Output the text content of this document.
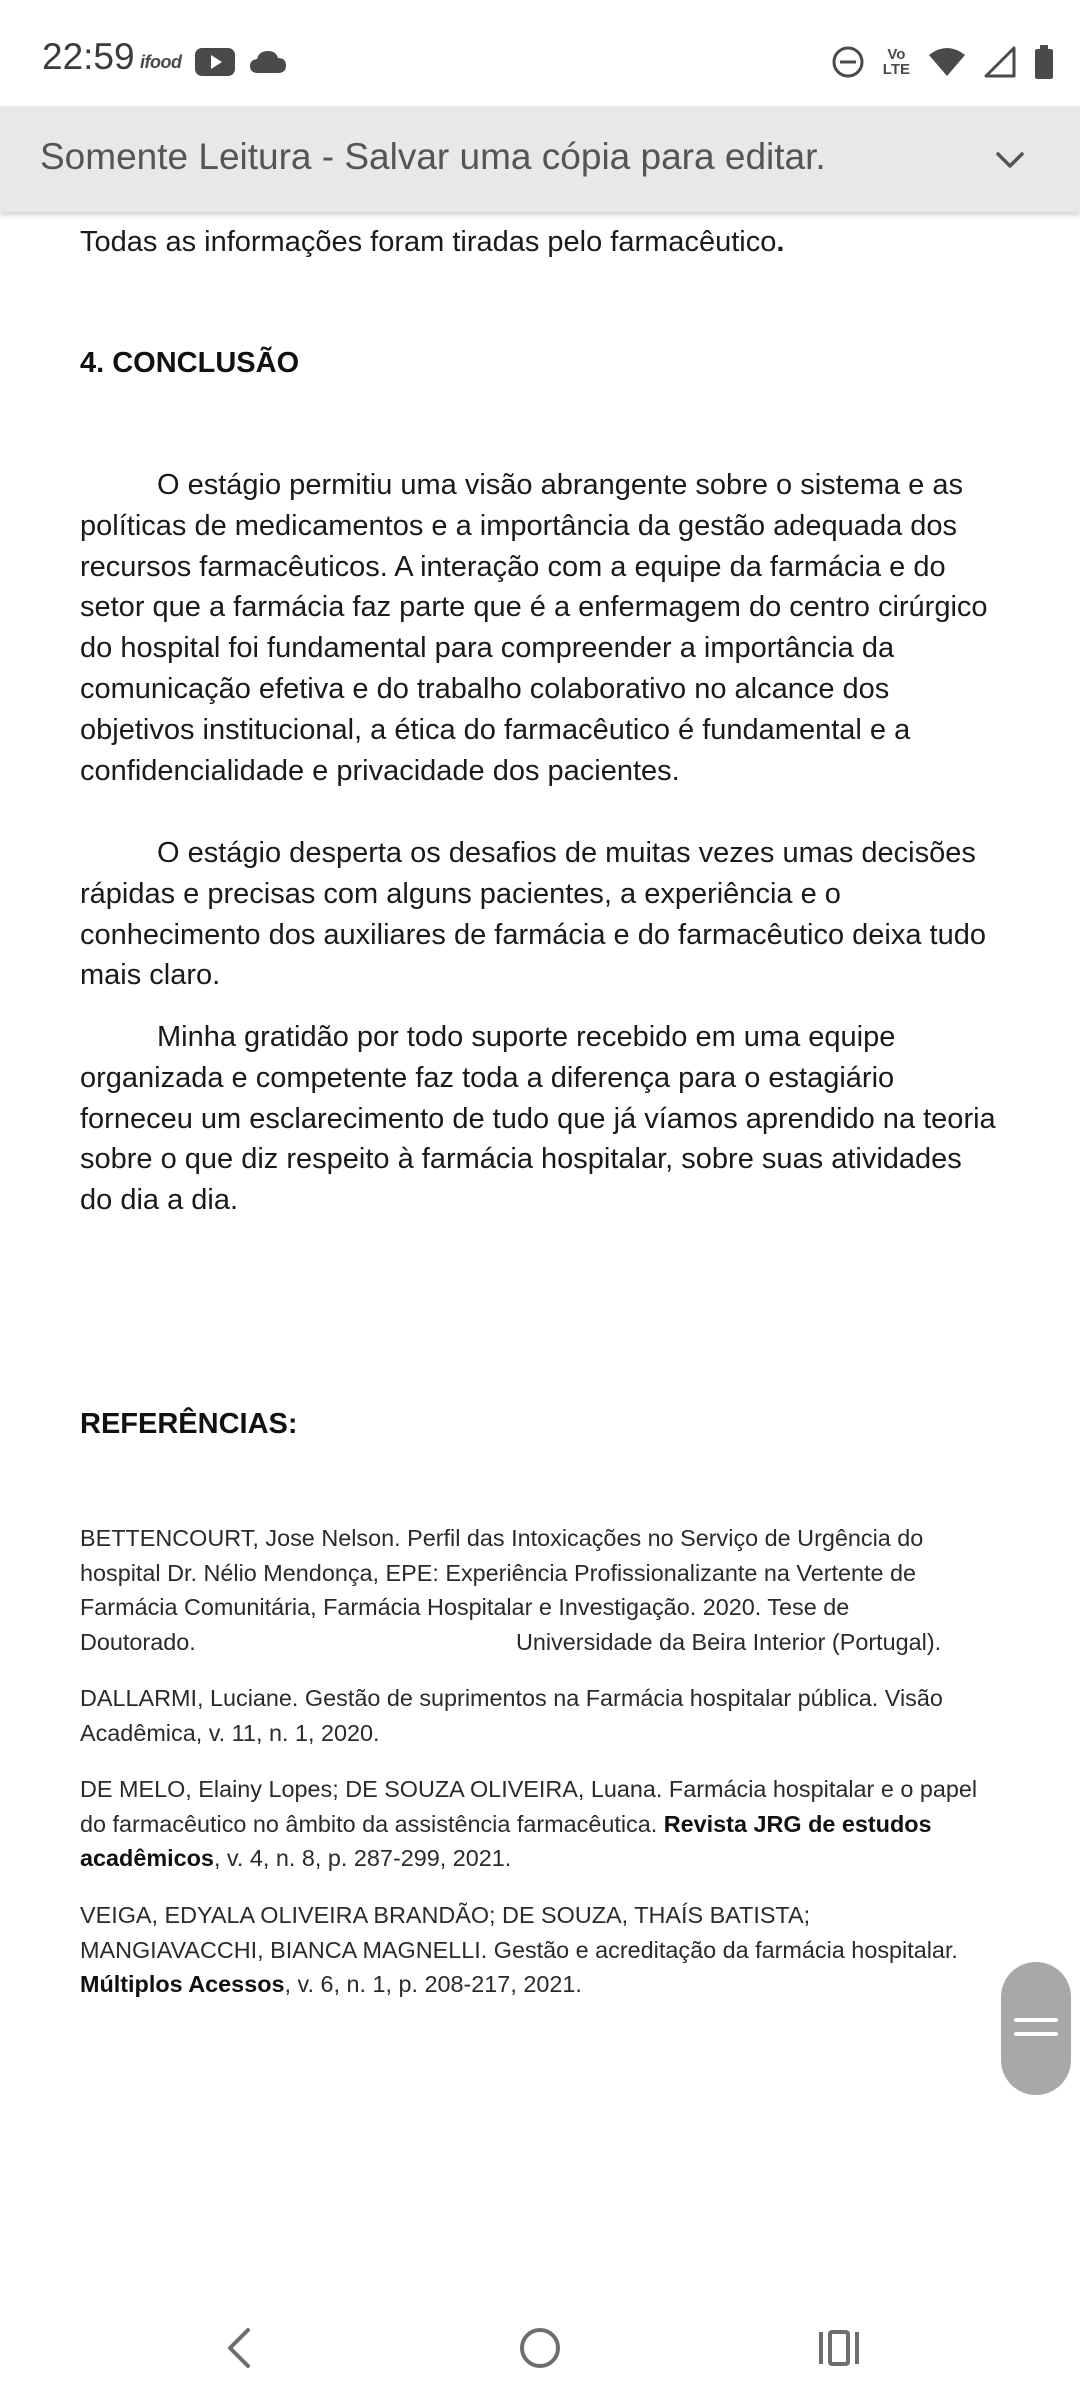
22:59 ifood	Vo
LTE
Somente Leitura - Salvar uma cópia para editar.

Todas as informações foram tiradas pelo farmacêutico.

4. CONCLUSÃO

O estágio permitiu uma visão abrangente sobre o sistema e as políticas de medicamentos e a importância da gestão adequada dos recursos farmacêuticos. A interação com a equipe da farmácia e do setor que a farmácia faz parte que é a enfermagem do centro cirúrgico do hospital foi fundamental para compreender a importância da comunicação efetiva e do trabalho colaborativo no alcance dos objetivos institucional, a ética do farmacêutico é fundamental e a confidencialidade e privacidade dos pacientes.

O estágio desperta os desafios de muitas vezes umas decisões rápidas e precisas com alguns pacientes, a experiência e o conhecimento dos auxiliares de farmácia e do farmacêutico deixa tudo mais claro.

Minha gratidão por todo suporte recebido em uma equipe organizada e competente faz toda a diferença para o estagiário forneceu um esclarecimento de tudo que já víamos aprendido na teoria sobre o que diz respeito à farmácia hospitalar, sobre suas atividades do dia a dia.

REFERÊNCIAS:

BETTENCOURT, Jose Nelson. Perfil das Intoxicações no Serviço de Urgência do
hospital Dr. Nélio Mendonça, EPE: Experiência Profissionalizante na Vertente de
Farmácia Comunitária, Farmácia Hospitalar e Investigação. 2020. Tese de
Doutorado.	Universidade da Beira Interior (Portugal).

DALLARMI, Luciane. Gestão de suprimentos na Farmácia hospitalar pública. Visão Acadêmica, v. 11, n. 1, 2020.

DE MELO, Elainy Lopes; DE SOUZA OLIVEIRA, Luana. Farmácia hospitalar e o papel do farmacêutico no âmbito da assistência farmacêutica. Revista JRG de estudos acadêmicos, v. 4, n. 8, p. 287-299, 2021.

VEIGA, EDYALA OLIVEIRA BRANDÃO; DE SOUZA, THAÍS BATISTA; MANGIAVACCHI, BIANCA MAGNELLI. Gestão e acreditação da farmácia hospitalar. Múltiplos Acessos, v. 6, n. 1, p. 208-217, 2021.
